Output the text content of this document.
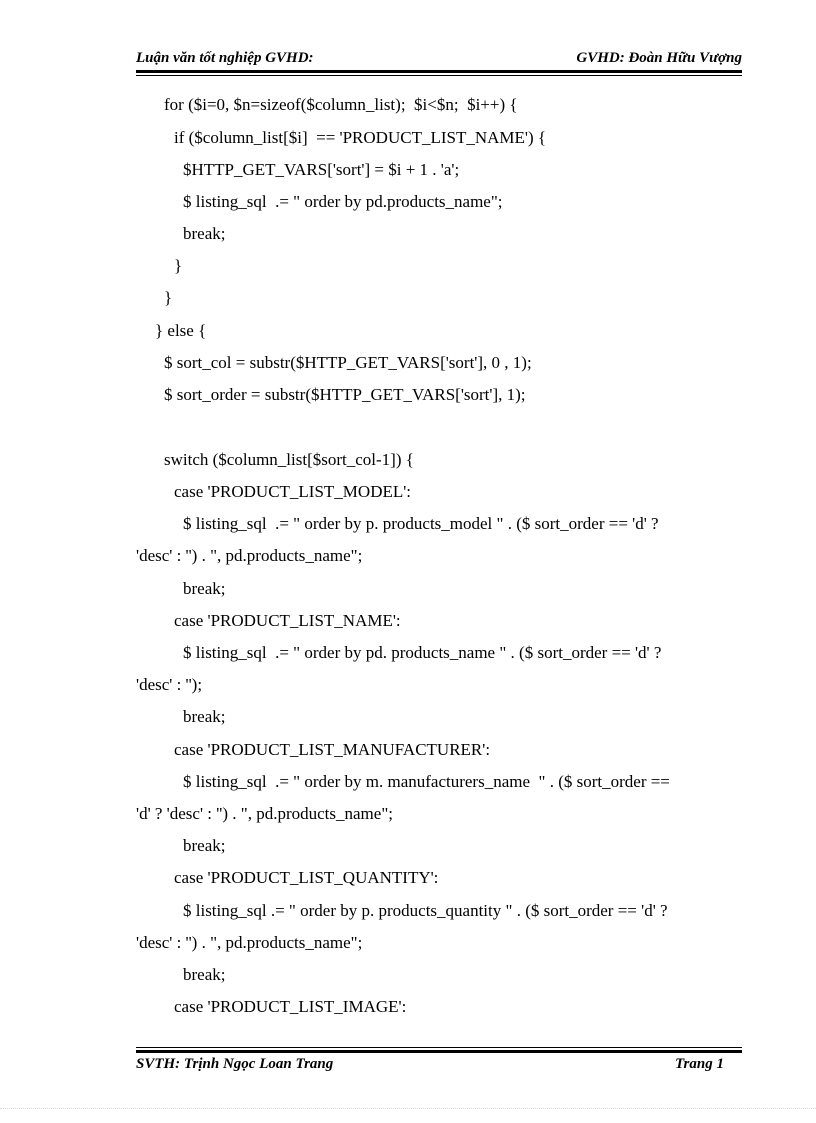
Luận văn tốt nghiệp GVHD:	GVHD: Đoàn Hữu Vượng
for ($i=0, $n=sizeof($column_list);  $i<$n;  $i++) {
if ($column_list[$i]  == 'PRODUCT_LIST_NAME') {
$HTTP_GET_VARS['sort'] = $i + 1 . 'a';
$ listing_sql  .= " order by pd.products_name";
break;
}
}
} else {
$ sort_col = substr($HTTP_GET_VARS['sort'], 0 , 1);
$ sort_order = substr($HTTP_GET_VARS['sort'], 1);
switch ($column_list[$sort_col-1]) {
case 'PRODUCT_LIST_MODEL':
$ listing_sql  .= " order by p. products_model " . ($ sort_order == 'd' ?
'desc' : '') . ", pd.products_name";
break;
case 'PRODUCT_LIST_NAME':
$ listing_sql  .= " order by pd. products_name " . ($ sort_order == 'd' ?
'desc' : '');
break;
case 'PRODUCT_LIST_MANUFACTURER':
$ listing_sql  .= " order by m. manufacturers_name  " . ($ sort_order ==
'd' ? 'desc' : '') . ", pd.products_name";
break;
case 'PRODUCT_LIST_QUANTITY':
$ listing_sql .= " order by p. products_quantity " . ($ sort_order == 'd' ?
'desc' : '') . ", pd.products_name";
break;
case 'PRODUCT_LIST_IMAGE':
SVTH: Trịnh Ngọc Loan Trang	Trang 1
